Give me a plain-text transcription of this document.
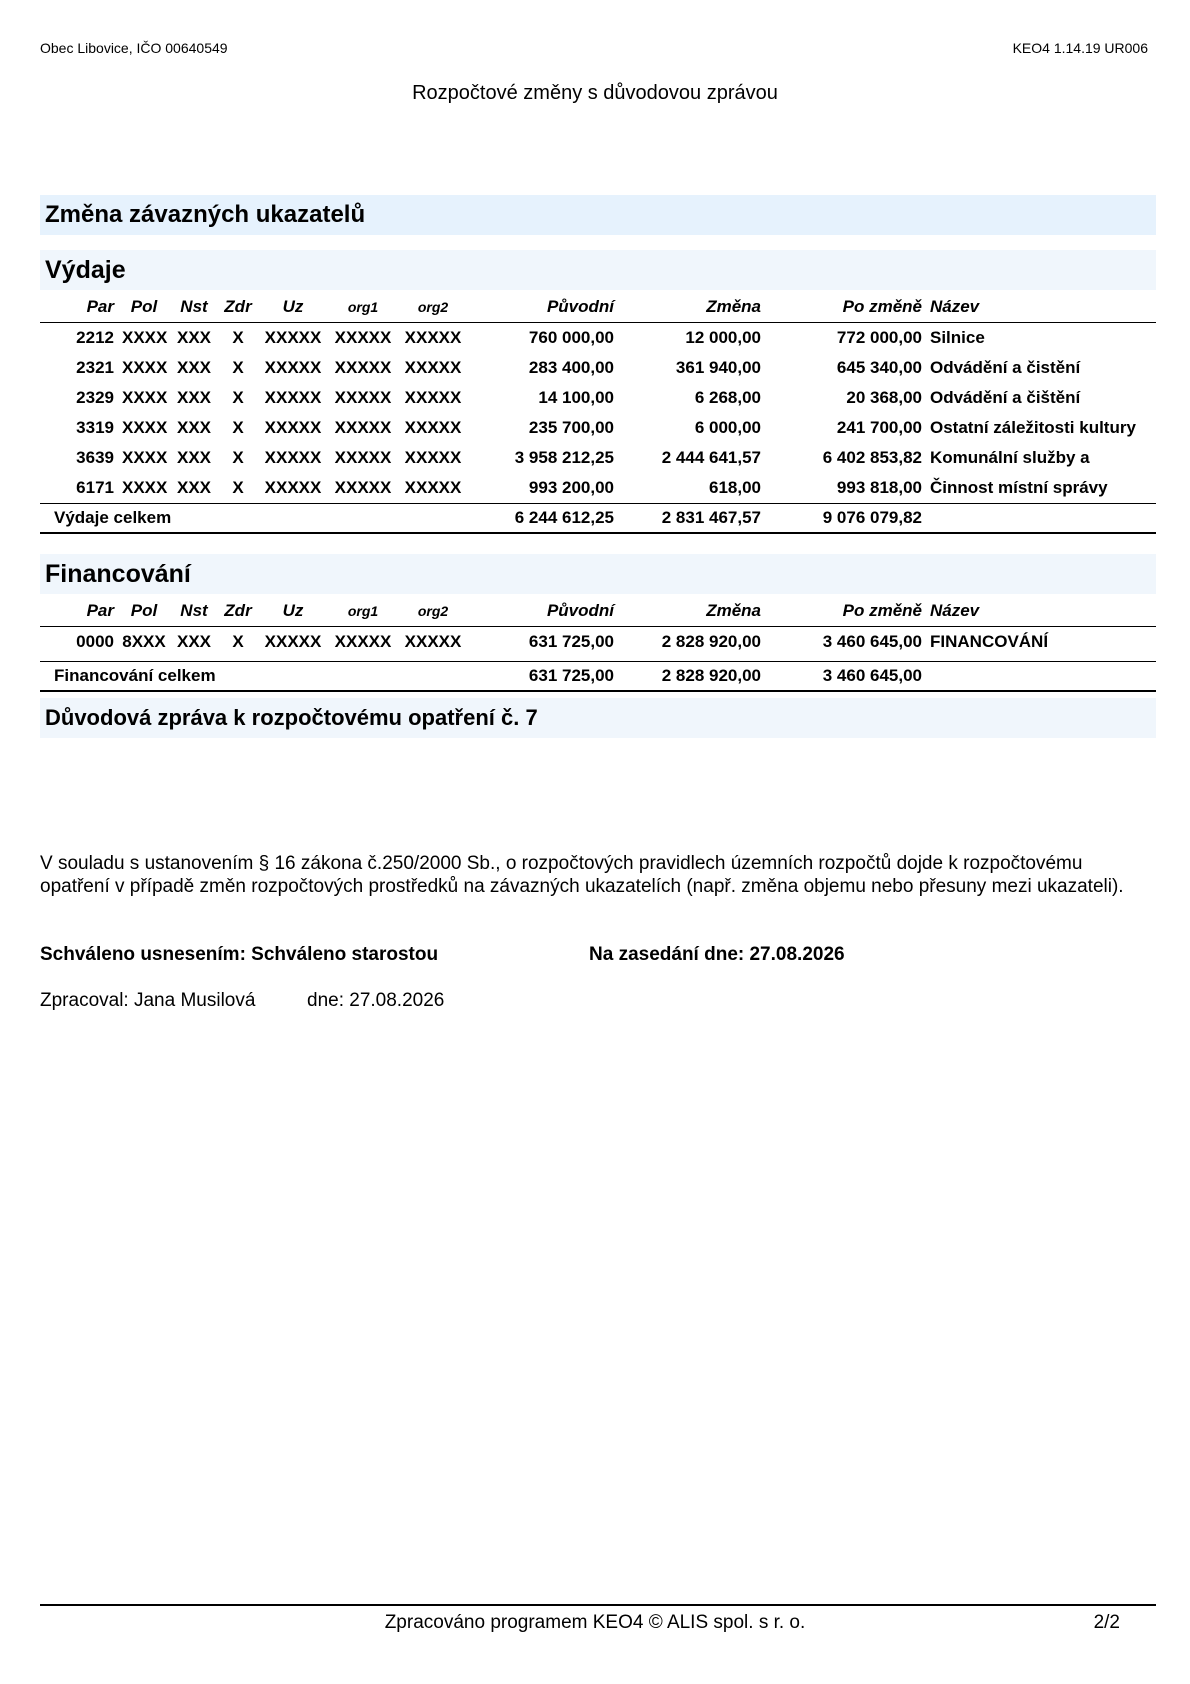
Obec Libovice, IČO 00640549	KEO4 1.14.19 UR006
Rozpočtové změny s důvodovou zprávou
Změna závazných ukazatelů
Výdaje
Par	Pol	Nst	Zdr	Uz	org1	org2	Původní	Změna	Po změně	Název
2212	XXXX	XXX	X	XXXXX	XXXXX	XXXXX	760 000,00	12 000,00	772 000,00	Silnice
2321	XXXX	XXX	X	XXXXX	XXXXX	XXXXX	283 400,00	361 940,00	645 340,00	Odvádění a čistění
2329	XXXX	XXX	X	XXXXX	XXXXX	XXXXX	14 100,00	6 268,00	20 368,00	Odvádění a čištění
3319	XXXX	XXX	X	XXXXX	XXXXX	XXXXX	235 700,00	6 000,00	241 700,00	Ostatní záležitosti kultury
3639	XXXX	XXX	X	XXXXX	XXXXX	XXXXX	3 958 212,25	2 444 641,57	6 402 853,82	Komunální služby a
6171	XXXX	XXX	X	XXXXX	XXXXX	XXXXX	993 200,00	618,00	993 818,00	Činnost místní správy
Výdaje celkem							6 244 612,25	2 831 467,57	9 076 079,82	
Financování
Par	Pol	Nst	Zdr	Uz	org1	org2	Původní	Změna	Po změně	Název
0000	8XXX	XXX	X	XXXXX	XXXXX	XXXXX	631 725,00	2 828 920,00	3 460 645,00	FINANCOVÁNÍ

Financování celkem							631 725,00	2 828 920,00	3 460 645,00	
Důvodová zpráva k rozpočtovému opatření č. 7
V souladu s ustanovením § 16 zákona č.250/2000 Sb., o rozpočtových pravidlech územních rozpočtů dojde k rozpočtovému opatření v případě změn rozpočtových prostředků na závazných ukazatelích (např. změna objemu nebo přesuny mezi ukazateli).
Schváleno usnesením: Schváleno starostou	Na zasedání dne: 27.08.2026
Zpracoval: Jana Musilová	dne: 27.08.2026
Zpracováno programem KEO4 © ALIS spol. s r. o.	2/2
